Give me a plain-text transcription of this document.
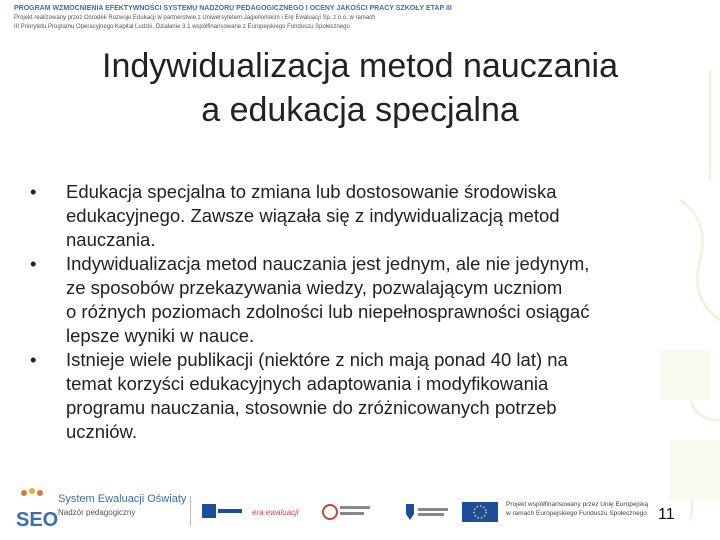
PROGRAM WZMOCNIENIA EFEKTYWNOŚCI SYSTEMU NADZORU PEDAGOGICZNEGO I OCENY JAKOŚCI PRACY SZKOŁY ETAP III
Projekt realizowany przez Ośrodek Rozwoju Edukacji w partnerstwie z Uniwersytetem Jagiellońskim i Erę Ewaluacji Sp. z o.o. w ramach
III Priorytetu Programu Operacyjnego Kapitał Ludzki, Działanie 3.1 współfinansowane z Europejskiego Funduszu Społecznego
Indywidualizacja metod nauczania
a edukacja specjalna
• Edukacja specjalna to zmiana lub dostosowanie środowiska
edukacyjnego. Zawsze wiązała się z indywidualizacją metod
nauczania.
• Indywidualizacja metod nauczania jest jednym, ale nie jedynym,
ze sposobów przekazywania wiedzy, pozwalającym uczniom
o różnych poziomach zdolności lub niepełnosprawności osiągać
lepsze wyniki w nauce.
• Istnieje wiele publikacji (niektóre z nich mają ponad 40 lat) na
temat korzyści edukacyjnych adaptowania i modyfikowania
programu nauczania, stosownie do zróżnicowanych potrzeb
uczniów.
SEO
System Ewaluacji Oświaty
Nadzór pedagogiczny	era ewaluacji
Projekt współfinansowany przez Unię Europejską
w ramach Europejskiego Funduszu Społecznego 11
